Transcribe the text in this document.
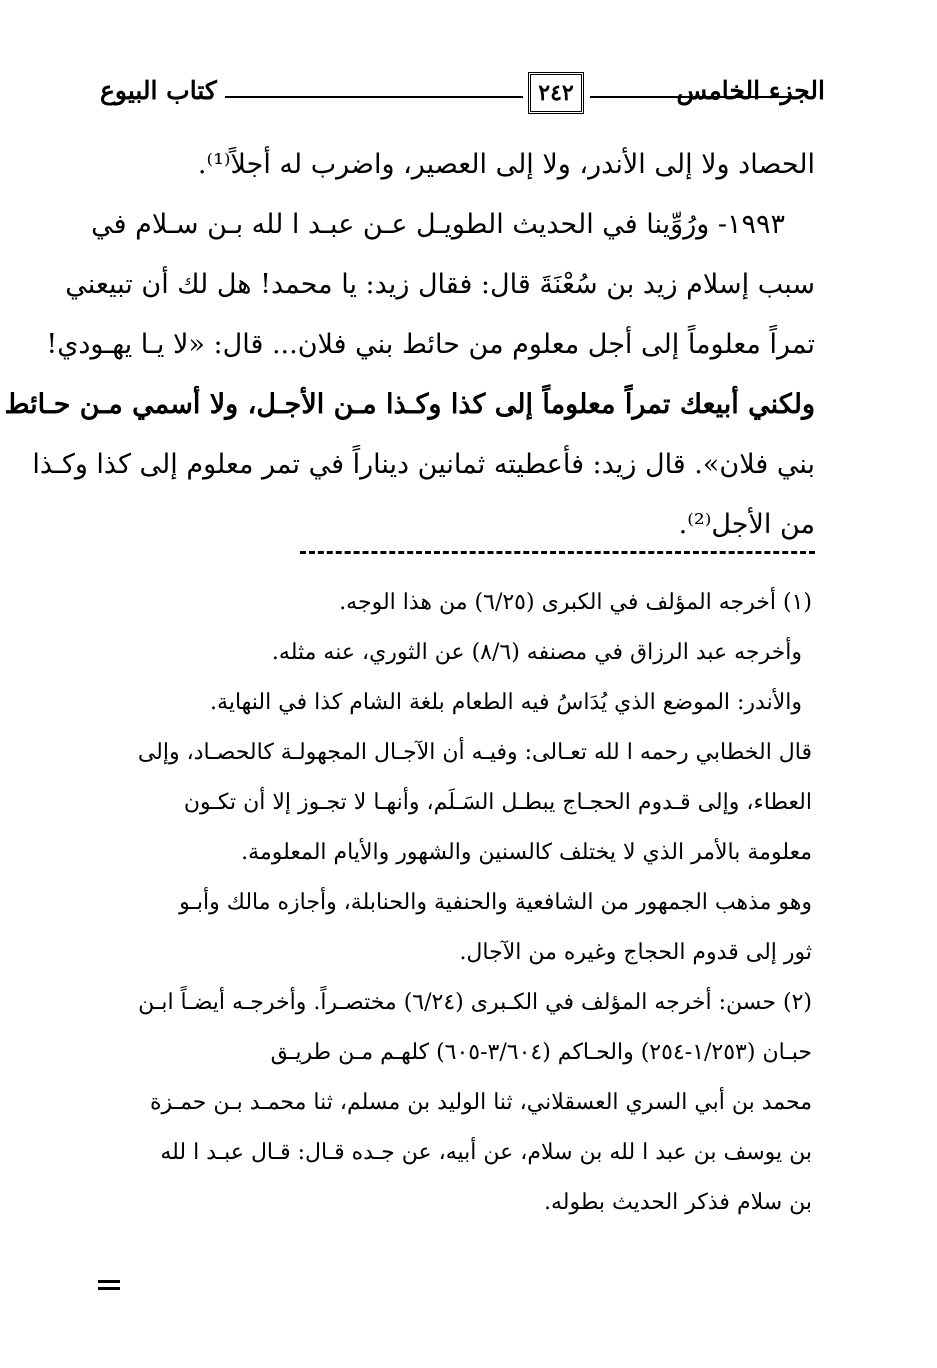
كتاب البيوع	٢٤٢	الجزء الخامس

الحصاد ولا إلى الأندر، ولا إلى العصير، واضرب له أجلاً⁽¹⁾.

١٩٩٣- ورُوِّينا في الحديث الطويـل عـن عبـد ا لله بـن سـلام في

سبب إسلام زيد بن سُعْنَةَ قال: فقال زيد: يا محمد! هل لك أن تبيعني

تمراً معلوماً إلى أجل معلوم من حائط بني فلان... قال: «لا يـا يهـودي!

ولكني أبيعك تمراً معلوماً إلى كذا وكـذا مـن الأجـل، ولا أسمي مـن حـائط

بني فلان». قال زيد: فأعطيته ثمانين ديناراً في تمر معلوم إلى كذا وكـذا

من الأجل⁽²⁾.

(١) أخرجه المؤلف في الكبرى (٦/٢٥) من هذا الوجه.

وأخرجه عبد الرزاق في مصنفه (٨/٦) عن الثوري، عنه مثله.

والأندر: الموضع الذي يُدَاسُ فيه الطعام بلغة الشام كذا في النهاية.

قال الخطابي رحمه ا لله تعـالى: وفيـه أن الآجـال المجهولـة كالحصـاد، وإلى

العطاء، وإلى قـدوم الحجـاج يبطـل السَـلَم، وأنهـا لا تجـوز إلا أن تكـون

معلومة بالأمر الذي لا يختلف كالسنين والشهور والأيام المعلومة.

وهو مذهب الجمهور من الشافعية والحنفية والحنابلة، وأجازه مالك وأبـو

ثور إلى قدوم الحجاج وغيره من الآجال.

(٢) حسن: أخرجه المؤلف في الكـبرى (٦/٢٤) مختصـراً. وأخرجـه أيضـاً ابـن

حبـان (١/٢٥٣-٢٥٤) والحـاكم (٣/٦٠٤-٦٠٥) كلهـم مـن طريـق

محمد بن أبي السري العسقلاني، ثنا الوليد بن مسلم، ثنا محمـد بـن حمـزة

بن يوسف بن عبد ا لله بن سلام، عن أبيه، عن جـده قـال: قـال عبـد ا لله

بن سلام فذكر الحديث بطوله.
